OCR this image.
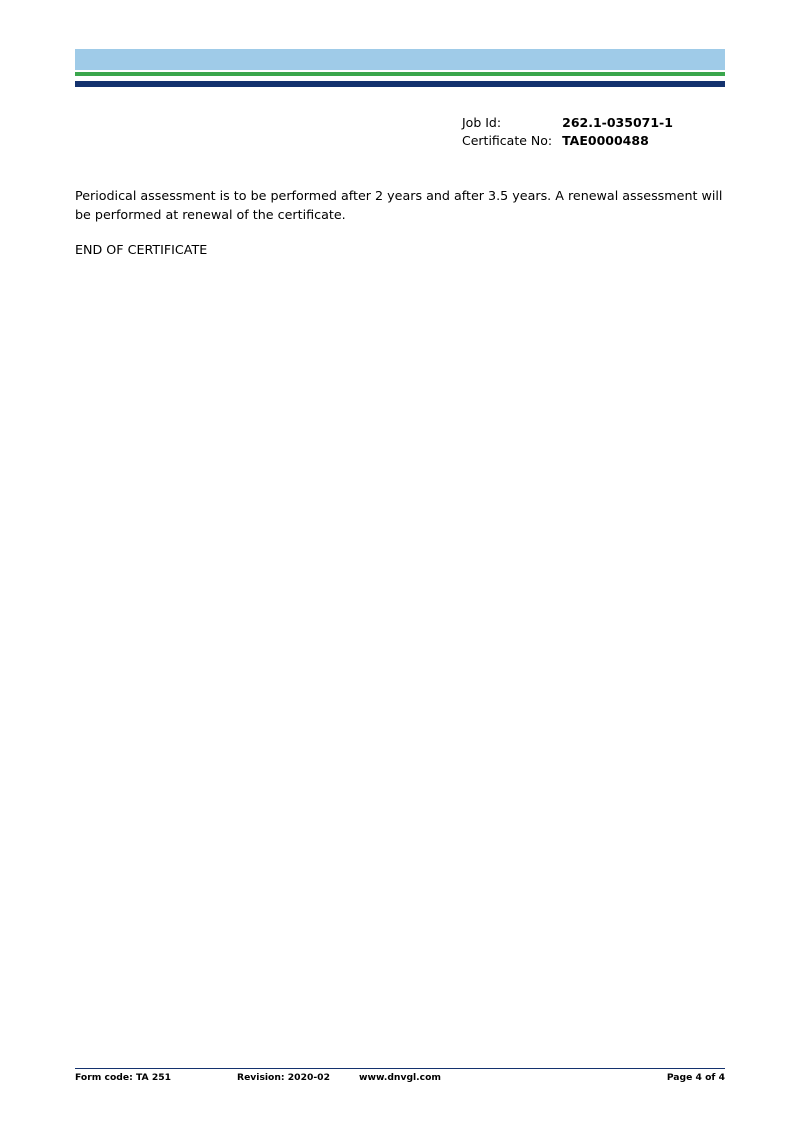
Job Id:	262.1-035071-1
Certificate No:	TAE0000488

Periodical assessment is to be performed after 2 years and after 3.5 years. A renewal assessment will be performed at renewal of the certificate.

END OF CERTIFICATE

Form code: TA 251	Revision: 2020-02	www.dnvgl.com	Page 4 of 4
